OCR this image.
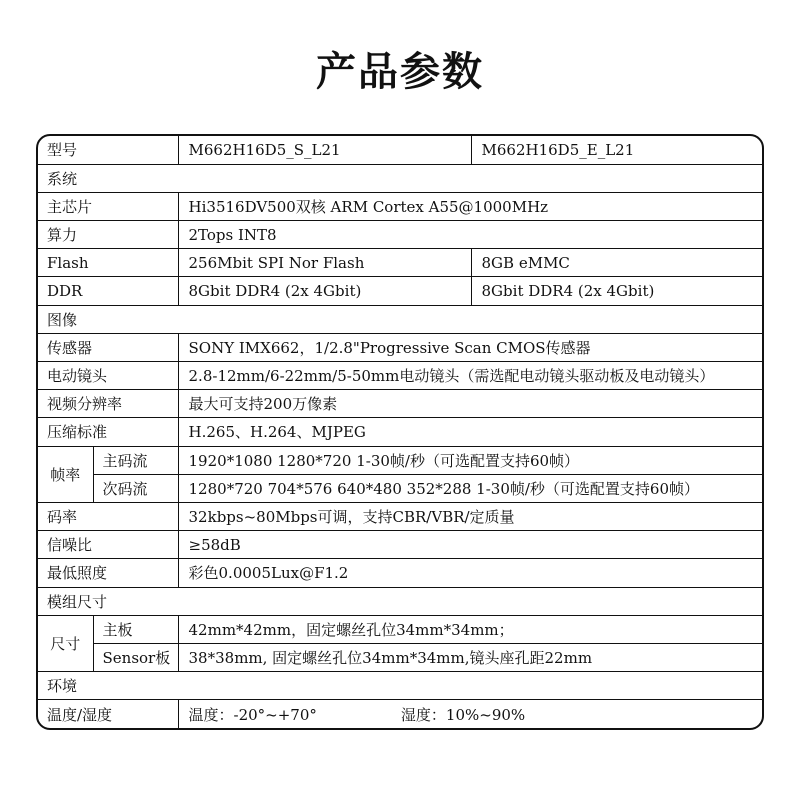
产品参数
型号		M662H16D5_S_L21	M662H16D5_E_L21
系统			
主芯片		Hi3516DV500双核 ARM Cortex A55@1000MHz	
算力		2Tops INT8	
Flash		256Mbit SPI Nor Flash	8GB eMMC
DDR		8Gbit DDR4 (2x 4Gbit)	8Gbit DDR4 (2x 4Gbit)
图像			
传感器		SONY IMX662，1/2.8"Progressive Scan CMOS传感器	
电动镜头		2.8-12mm/6-22mm/5-50mm电动镜头（需选配电动镜头驱动板及电动镜头）	
视频分辨率		最大可支持200万像素	
压缩标准		H.265、H.264、MJPEG	
帧率	主码流	1920*1080 1280*720 1-30帧/秒（可选配置支持60帧）	
	次码流	1280*720 704*576 640*480 352*288 1-30帧/秒（可选配置支持60帧）	
码率		32kbps~80Mbps可调，支持CBR/VBR/定质量	
信噪比		≥58dB	
最低照度		彩色0.0005Lux@F1.2	
模组尺寸			
尺寸	主板	42mm*42mm，固定螺丝孔位34mm*34mm；	
	Sensor板	38*38mm, 固定螺丝孔位34mm*34mm,镜头座孔距22mm	
环境			
温度/湿度		温度：-20°~+70° 湿度：10%~90%	
